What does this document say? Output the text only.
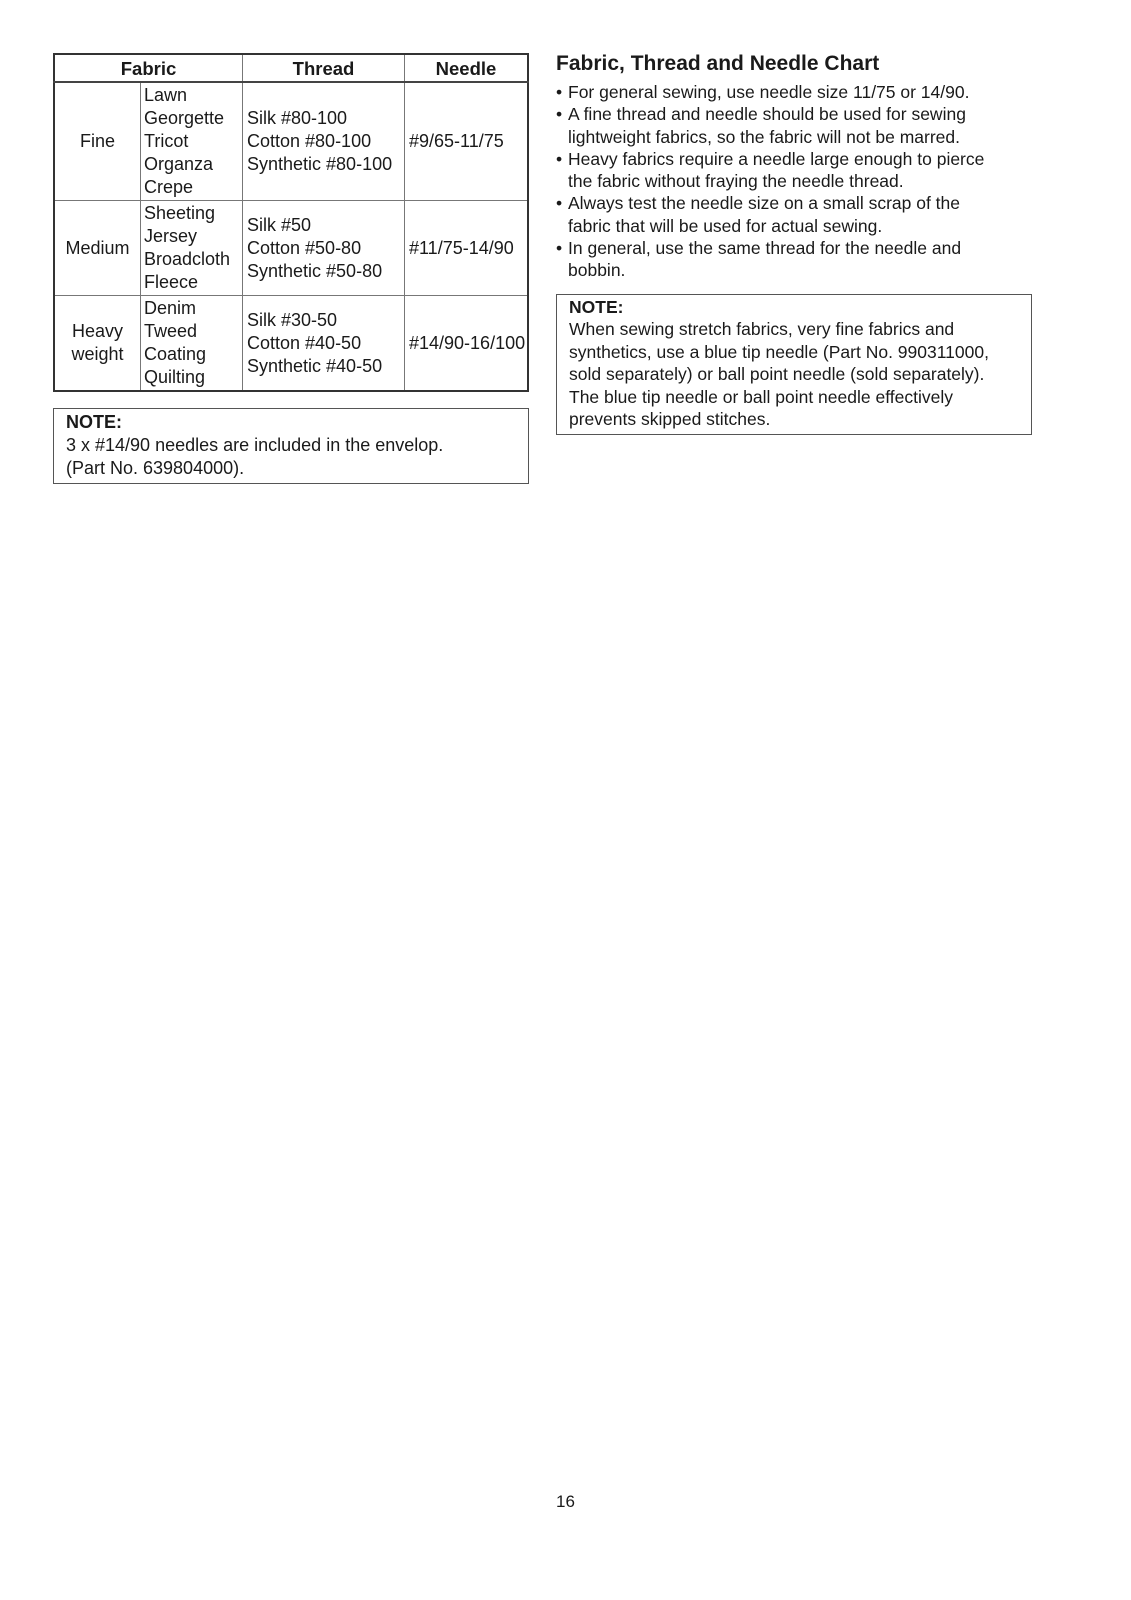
Fabric		Thread	Needle

Fine	Lawn
Georgette
Tricot
Organza
Crepe	Silk #80-100
Cotton #80-100
Synthetic #80-100	#9/65-11/75

Medium	Sheeting
Jersey
Broadcloth
Fleece	Silk #50
Cotton #50-80
Synthetic #50-80	#11/75-14/90

Heavy
weight	Denim
Tweed
Coating
Quilting	Silk #30-50
Cotton #40-50
Synthetic #40-50	#14/90-16/100
NOTE:
3 x #14/90 needles are included in the envelop.
(Part No. 639804000).
Fabric, Thread and Needle Chart
• For general sewing, use needle size 11/75 or 14/90.
• A fine thread and needle should be used for sewing
lightweight fabrics, so the fabric will not be marred.
• Heavy fabrics require a needle large enough to pierce
the fabric without fraying the needle thread.
• Always test the needle size on a small scrap of the
fabric that will be used for actual sewing.
• In general, use the same thread for the needle and
bobbin.
NOTE:
When sewing stretch fabrics, very fine fabrics and
synthetics, use a blue tip needle (Part No. 990311000,
sold separately) or ball point needle (sold separately).
The blue tip needle or ball point needle effectively
prevents skipped stitches.
16
